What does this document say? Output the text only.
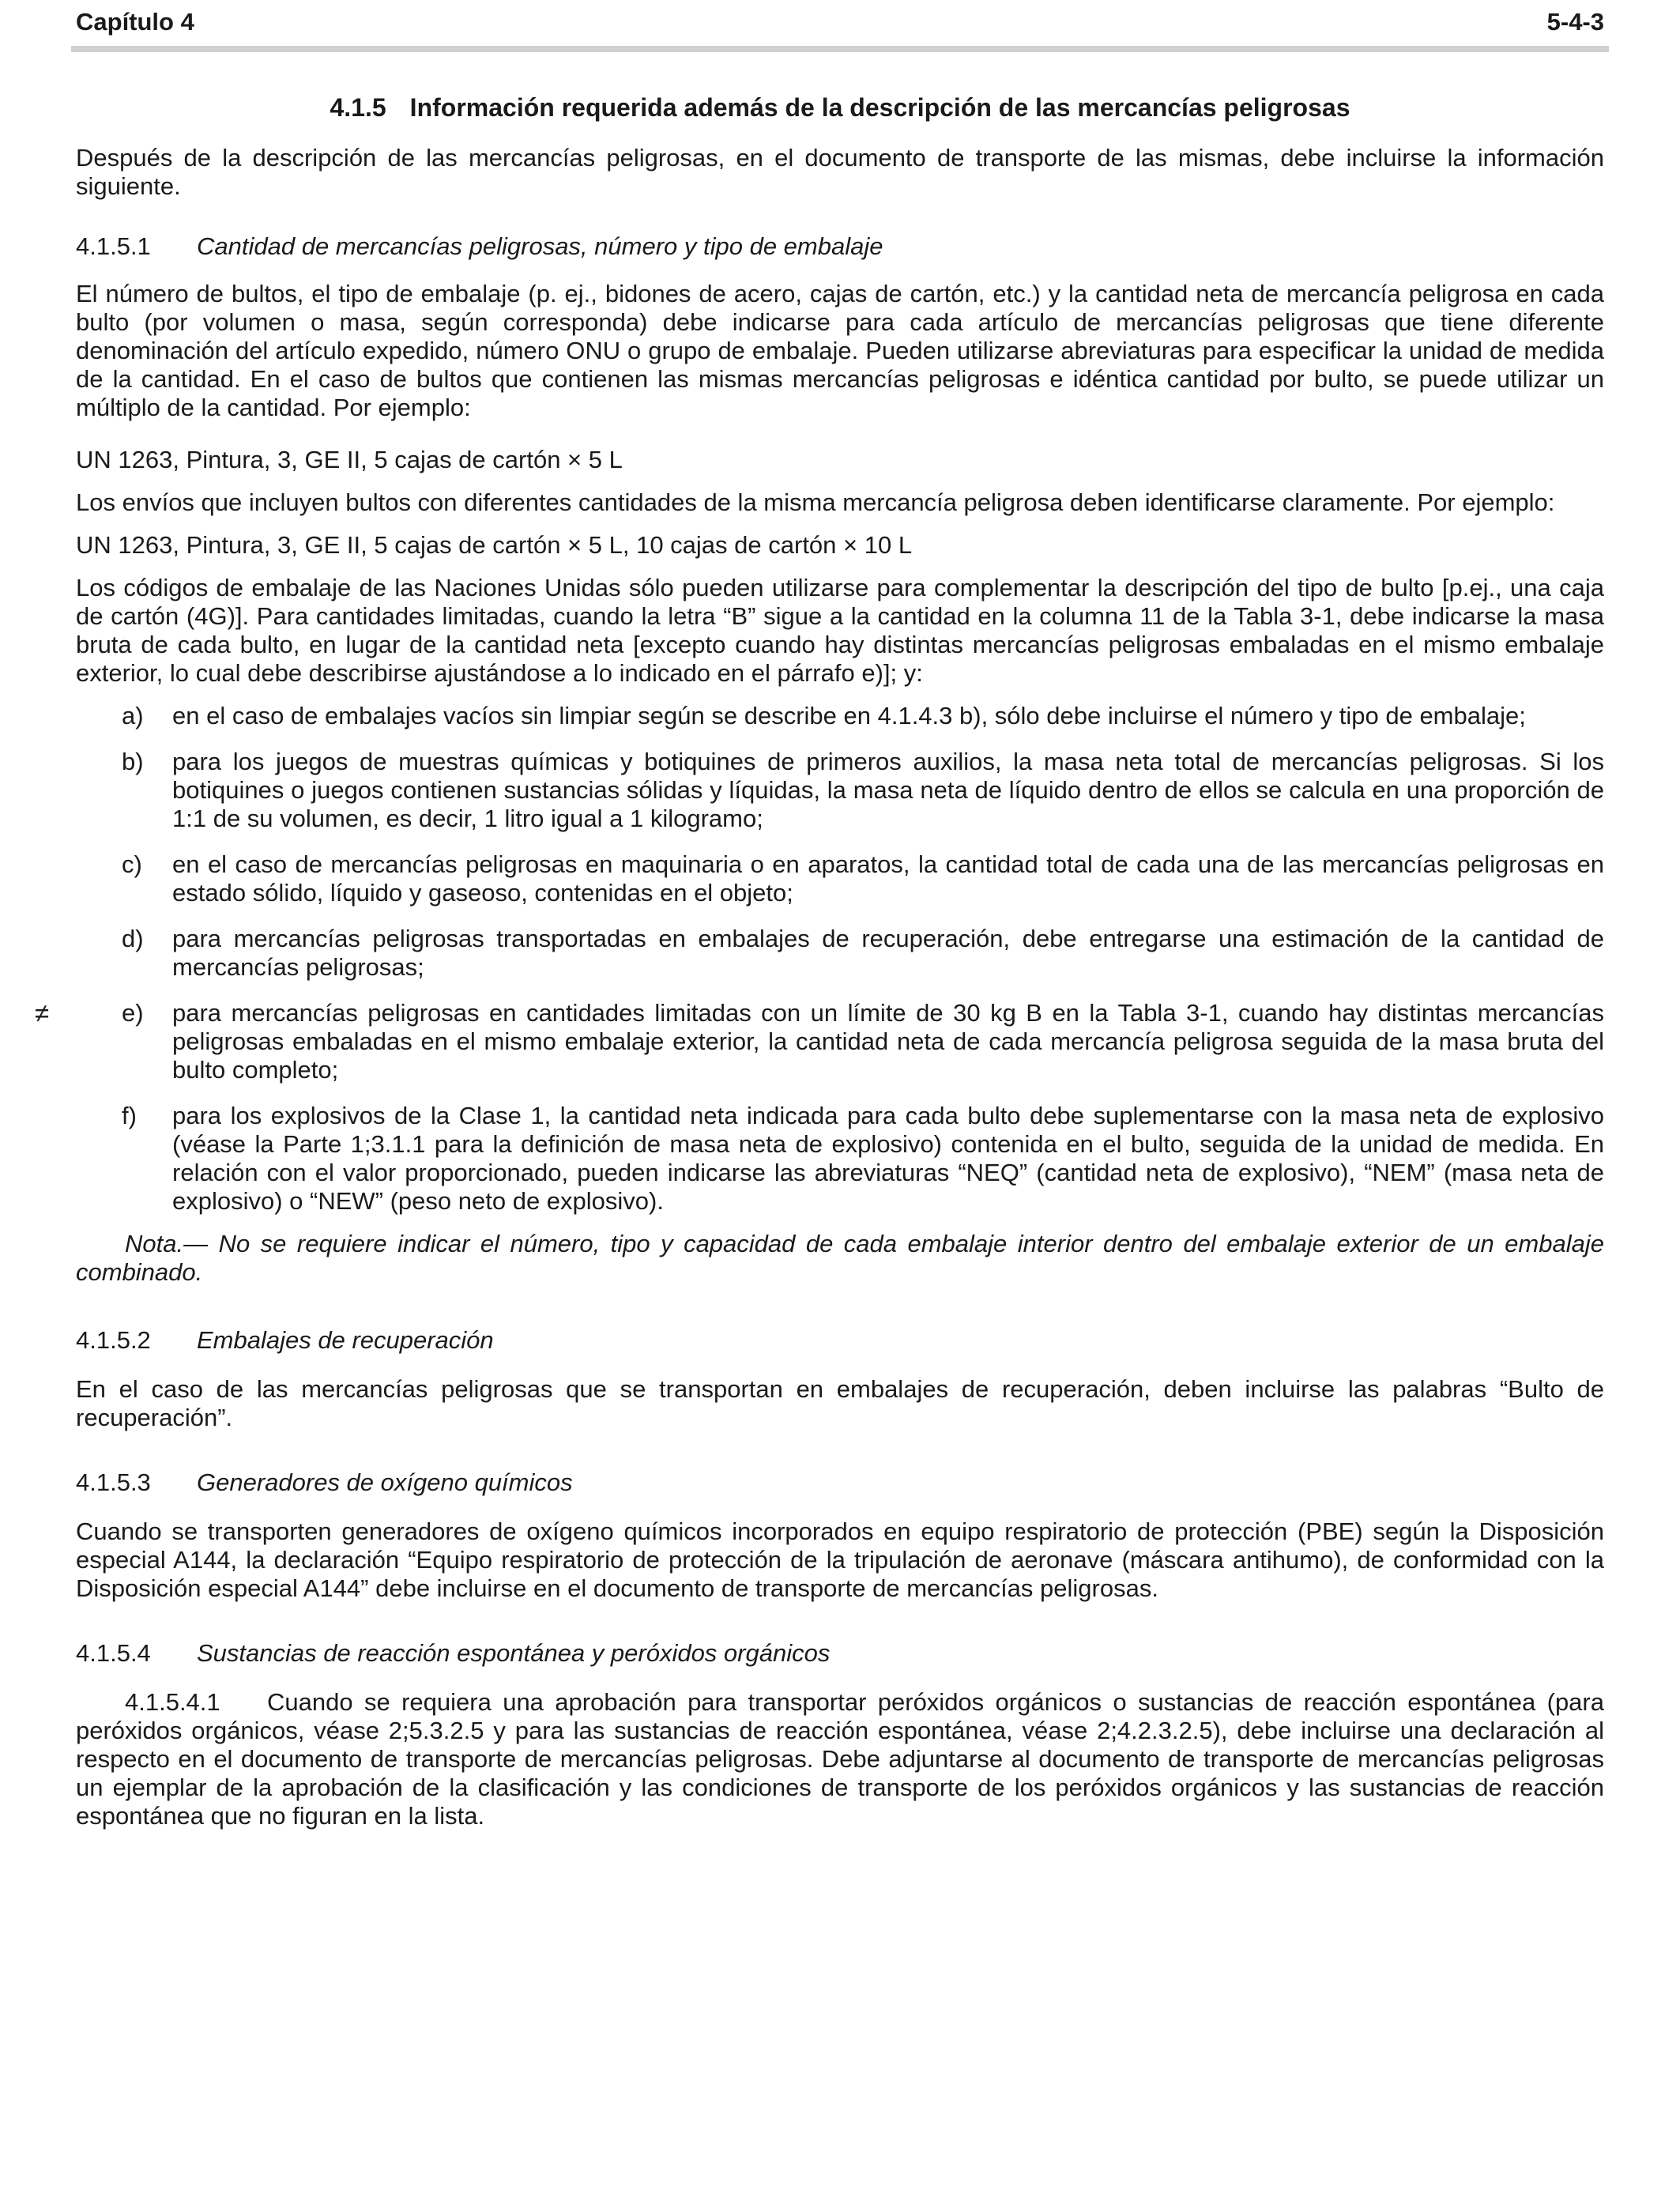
Capítulo 4	5-4-3
4.1.5 Información requerida además de la descripción de las mercancías peligrosas

Después de la descripción de las mercancías peligrosas, en el documento de transporte de las mismas, debe incluirse la información siguiente.

4.1.5.1 Cantidad de mercancías peligrosas, número y tipo de embalaje

El número de bultos, el tipo de embalaje (p. ej., bidones de acero, cajas de cartón, etc.) y la cantidad neta de mercancía peligrosa en cada bulto (por volumen o masa, según corresponda) debe indicarse para cada artículo de mercancías peligrosas que tiene diferente denominación del artículo expedido, número ONU o grupo de embalaje. Pueden utilizarse abreviaturas para especificar la unidad de medida de la cantidad. En el caso de bultos que contienen las mismas mercancías peligrosas e idéntica cantidad por bulto, se puede utilizar un múltiplo de la cantidad. Por ejemplo:

UN 1263, Pintura, 3, GE II, 5 cajas de cartón × 5 L

Los envíos que incluyen bultos con diferentes cantidades de la misma mercancía peligrosa deben identificarse claramente. Por ejemplo:

UN 1263, Pintura, 3, GE II, 5 cajas de cartón × 5 L, 10 cajas de cartón × 10 L

Los códigos de embalaje de las Naciones Unidas sólo pueden utilizarse para complementar la descripción del tipo de bulto [p.ej., una caja de cartón (4G)]. Para cantidades limitadas, cuando la letra “B” sigue a la cantidad en la columna 11 de la Tabla 3-1, debe indicarse la masa bruta de cada bulto, en lugar de la cantidad neta [excepto cuando hay distintas mercancías peligrosas embaladas en el mismo embalaje exterior, lo cual debe describirse ajustándose a lo indicado en el párrafo e)]; y:

a) en el caso de embalajes vacíos sin limpiar según se describe en 4.1.4.3 b), sólo debe incluirse el número y tipo de embalaje;
b) para los juegos de muestras químicas y botiquines de primeros auxilios, la masa neta total de mercancías peligrosas. Si los botiquines o juegos contienen sustancias sólidas y líquidas, la masa neta de líquido dentro de ellos se calcula en una proporción de 1:1 de su volumen, es decir, 1 litro igual a 1 kilogramo;
c) en el caso de mercancías peligrosas en maquinaria o en aparatos, la cantidad total de cada una de las mercancías peligrosas en estado sólido, líquido y gaseoso, contenidas en el objeto;
d) para mercancías peligrosas transportadas en embalajes de recuperación, debe entregarse una estimación de la cantidad de mercancías peligrosas;
≠	e) para mercancías peligrosas en cantidades limitadas con un límite de 30 kg B en la Tabla 3-1, cuando hay distintas mercancías peligrosas embaladas en el mismo embalaje exterior, la cantidad neta de cada mercancía peligrosa seguida de la masa bruta del bulto completo;
f) para los explosivos de la Clase 1, la cantidad neta indicada para cada bulto debe suplementarse con la masa neta de explosivo (véase la Parte 1;3.1.1 para la definición de masa neta de explosivo) contenida en el bulto, seguida de la unidad de medida. En relación con el valor proporcionado, pueden indicarse las abreviaturas “NEQ” (cantidad neta de explosivo), “NEM” (masa neta de explosivo) o “NEW” (peso neto de explosivo).

Nota.— No se requiere indicar el número, tipo y capacidad de cada embalaje interior dentro del embalaje exterior de un embalaje combinado.

4.1.5.2 Embalajes de recuperación

En el caso de las mercancías peligrosas que se transportan en embalajes de recuperación, deben incluirse las palabras “Bulto de recuperación”.

4.1.5.3 Generadores de oxígeno químicos

Cuando se transporten generadores de oxígeno químicos incorporados en equipo respiratorio de protección (PBE) según la Disposición especial A144, la declaración “Equipo respiratorio de protección de la tripulación de aeronave (máscara antihumo), de conformidad con la Disposición especial A144” debe incluirse en el documento de transporte de mercancías peligrosas.

4.1.5.4 Sustancias de reacción espontánea y peróxidos orgánicos

4.1.5.4.1 Cuando se requiera una aprobación para transportar peróxidos orgánicos o sustancias de reacción espontánea (para peróxidos orgánicos, véase 2;5.3.2.5 y para las sustancias de reacción espontánea, véase 2;4.2.3.2.5), debe incluirse una declaración al respecto en el documento de transporte de mercancías peligrosas. Debe adjuntarse al documento de transporte de mercancías peligrosas un ejemplar de la aprobación de la clasificación y las condiciones de transporte de los peróxidos orgánicos y las sustancias de reacción espontánea que no figuran en la lista.
